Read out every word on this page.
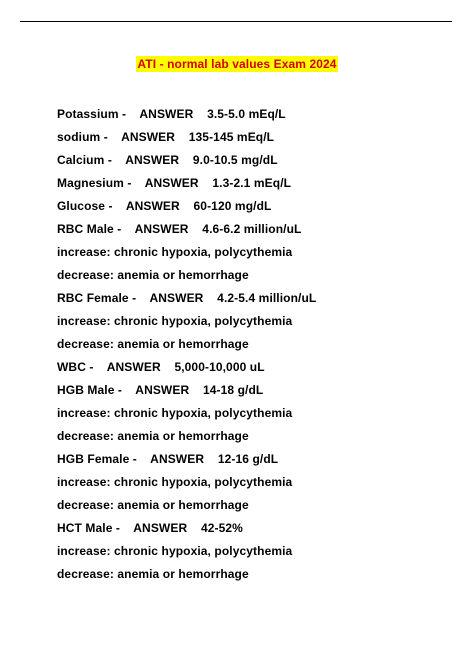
ATI - normal lab values Exam 2024
Potassium -    ANSWER    3.5-5.0 mEq/L
sodium -    ANSWER    135-145 mEq/L
Calcium -    ANSWER    9.0-10.5 mg/dL
Magnesium -    ANSWER    1.3-2.1 mEq/L
Glucose -    ANSWER    60-120 mg/dL
RBC Male -    ANSWER    4.6-6.2 million/uL
increase: chronic hypoxia, polycythemia
decrease: anemia or hemorrhage
RBC Female -    ANSWER    4.2-5.4 million/uL
increase: chronic hypoxia, polycythemia
decrease: anemia or hemorrhage
WBC -    ANSWER    5,000-10,000 uL
HGB Male -    ANSWER    14-18 g/dL
increase: chronic hypoxia, polycythemia
decrease: anemia or hemorrhage
HGB Female -    ANSWER    12-16 g/dL
increase: chronic hypoxia, polycythemia
decrease: anemia or hemorrhage
HCT Male -    ANSWER    42-52%
increase: chronic hypoxia, polycythemia
decrease: anemia or hemorrhage
